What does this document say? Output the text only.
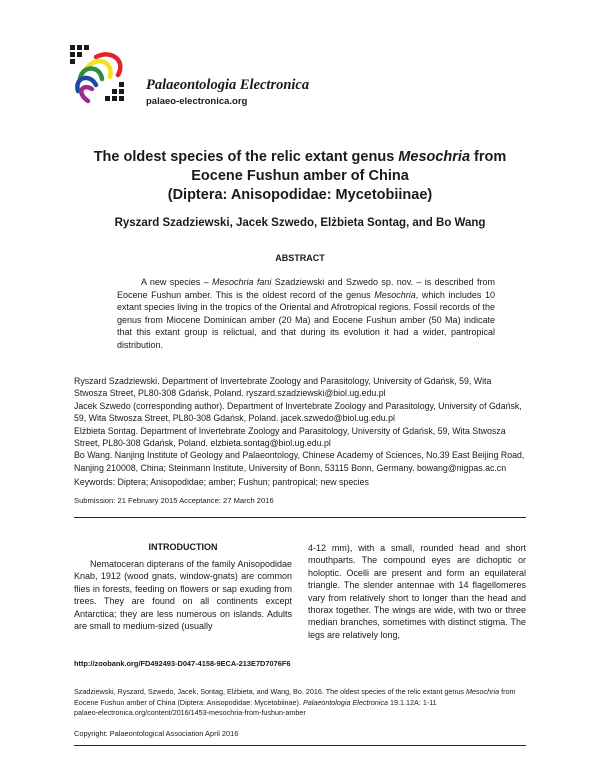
Palaeontologia Electronica
palaeo-electronica.org
The oldest species of the relic extant genus Mesochria from
Eocene Fushun amber of China
(Diptera: Anisopodidae: Mycetobiinae)
Ryszard Szadziewski, Jacek Szwedo, Elżbieta Sontag, and Bo Wang
ABSTRACT
A new species – Mesochria fani Szadziewski and Szwedo sp. nov. – is described from Eocene Fushun amber. This is the oldest record of the genus Mesochria, which includes 10 extant species living in the tropics of the Oriental and Afrotropical regions. Fossil records of the genus from Miocene Dominican amber (20 Ma) and Eocene Fushun amber (50 Ma) indicate that this extant group is relictual, and that during its evolution it had a wider, pantropical distribution.

Ryszard Szadziewski. Department of Invertebrate Zoology and Parasitology, University of Gdańsk, 59, Wita Stwosza Street, PL80-308 Gdańsk, Poland. ryszard.szadziewski@biol.ug.edu.pl

Jacek Szwedo (corresponding author). Department of Invertebrate Zoology and Parasitology, University of Gdańsk, 59, Wita Stwosza Street, PL80-308 Gdańsk, Poland. jacek.szwedo@biol.ug.edu.pl

Elżbieta Sontag. Department of Invertebrate Zoology and Parasitology, University of Gdańsk, 59, Wita Stwosza Street, PL80-308 Gdańsk, Poland. elzbieta.sontag@biol.ug.edu.pl

Bo Wang. Nanjing Institute of Geology and Palaeontology, Chinese Academy of Sciences, No.39 East Beijing Road, Nanjing 210008, China; Steinmann Institute, University of Bonn, 53115 Bonn, Germany. bowang@nigpas.ac.cn

Keywords: Diptera; Anisopodidae; amber; Fushun; pantropical; new species
Submission: 21 February 2015 Acceptance: 27 March 2016
INTRODUCTION
Nematoceran dipterans of the family Anisopodidae Knab, 1912 (wood gnats, window-gnats) are common flies in forests, feeding on flowers or sap exuding from trees. They are found on all continents except Antarctica; they are less numerous on islands. Adults are small to medium-sized (usually
4-12 mm), with a small, rounded head and short mouthparts. The compound eyes are dichoptic or holoptic. Ocelli are present and form an equilateral triangle. The slender antennae with 14 flagellomeres vary from relatively short to longer than the head and thorax together. The wings are wide, with two or three median branches, sometimes with distinct stigma. The legs are relatively long,
http://zoobank.org/FD492493-D047-4158-9ECA-213E7D7076F6
Szadziewski, Ryszard, Szwedo, Jacek, Sontag, Elżbieta, and Wang, Bo. 2016. The oldest species of the relic extant genus Mesochria from Eocene Fushun amber of China (Diptera: Anisopodidae: Mycetobiinae). Palaeontologia Electronica 19.1.12A: 1-11
palaeo-electronica.org/content/2016/1453-mesochria-from-fushun-amber
Copyright: Palaeontological Association April 2016
